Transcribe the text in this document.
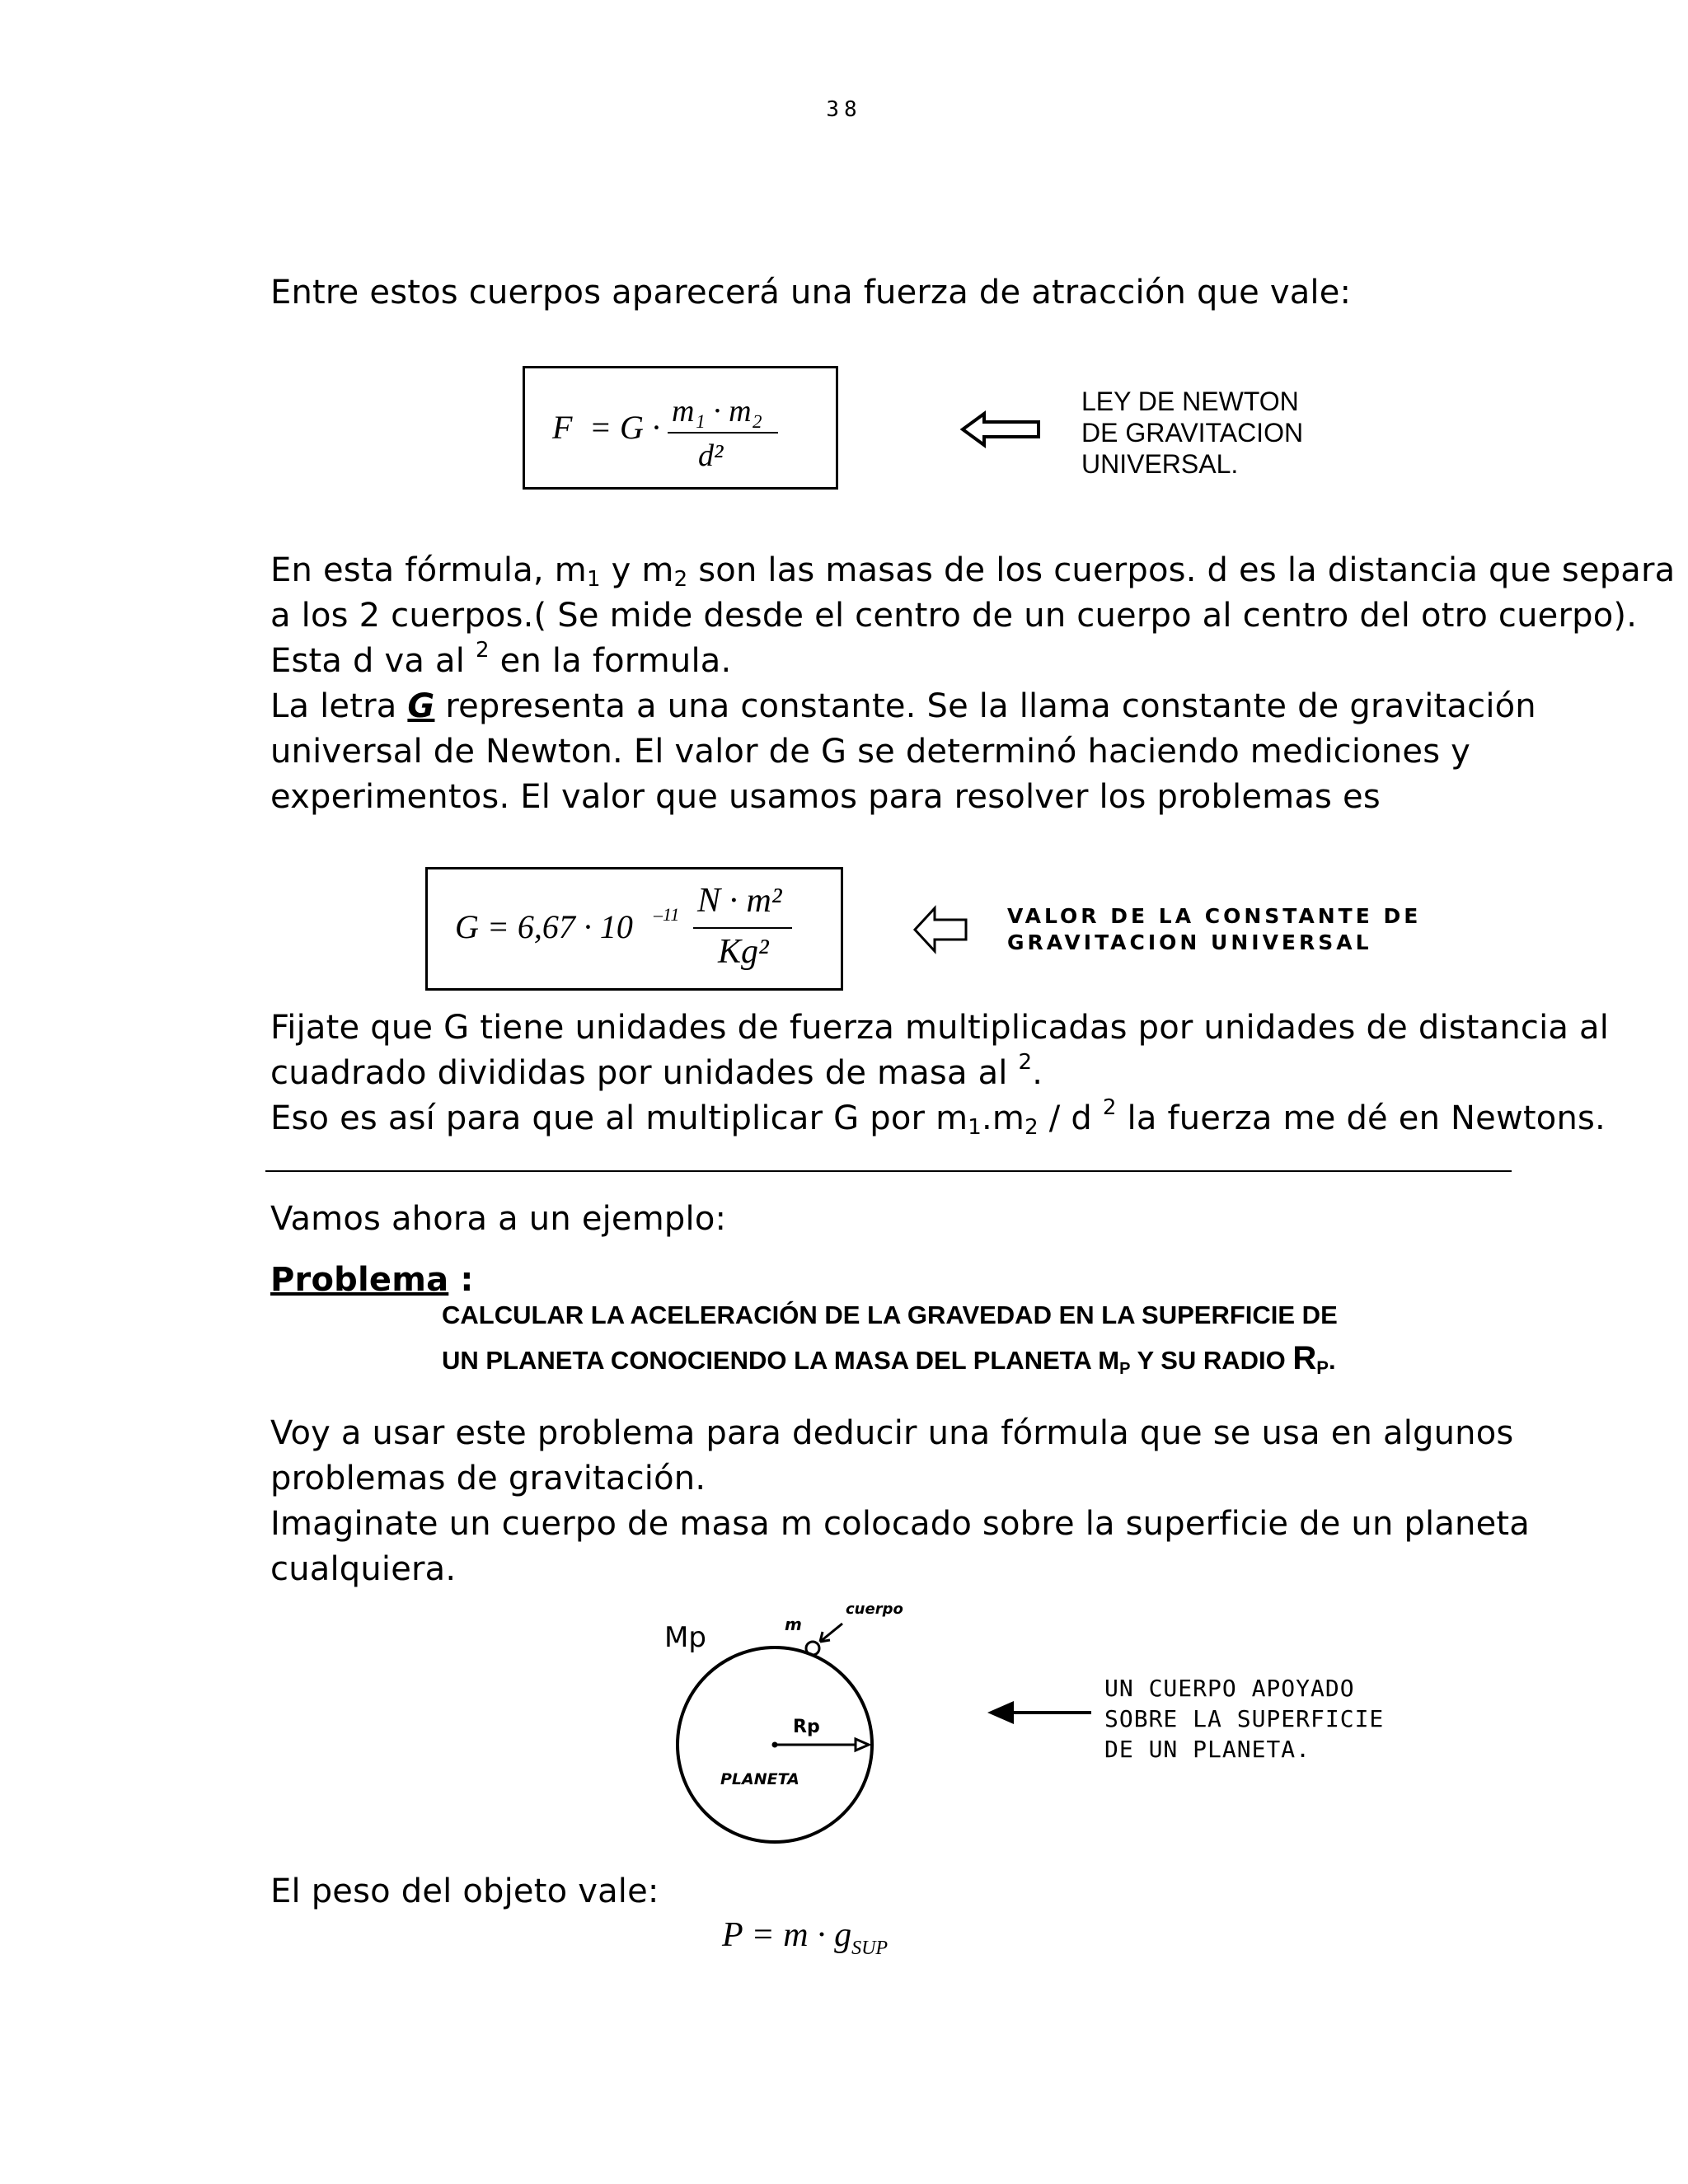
38
Entre estos cuerpos aparecerá una fuerza de atracción que vale:
F = G · m₁ · m₂
d²
LEY DE NEWTON
DE GRAVITACION
UNIVERSAL.
En esta fórmula, $m_1$ y $m_2$ son las masas de los cuerpos. d es la distancia que separa
a los 2 cuerpos.( Se mide desde el centro de un cuerpo al centro del otro cuerpo).
Esta d va al $^2$ en la formula.
La letra G representa a una constante. Se la llama constante de gravitación
universal de Newton. El valor de G se determinó haciendo mediciones y
experimentos. El valor que usamos para resolver los problemas es
G = 6,67 · 10 –11 N · m²
Kg²
VALOR DE LA CONSTANTE DE
GRAVITACION UNIVERSAL
Fijate que G tiene unidades de fuerza multiplicadas por unidades de distancia al
cuadrado divididas por unidades de masa al $^2$.
Eso es así para que al multiplicar G por $m_1.m_2$ / d $^2$ la fuerza me dé en Newtons.
Vamos ahora a un ejemplo:
Problema :
CALCULAR LA ACELERACIÓN DE LA GRAVEDAD EN LA SUPERFICIE DE
UN PLANETA CONOCIENDO LA MASA DEL PLANETA $M_P$ Y SU RADIO $R_P$.
Voy a usar este problema para deducir una fórmula que se usa en algunos
problemas de gravitación.
Imaginate un cuerpo de masa m colocado sobre la superficie de un planeta
cualquiera.
Mp	m
cuerpo
Rp
PLANETA
UN CUERPO APOYADO
SOBRE LA SUPERFICIE
DE UN PLANETA.
El peso del objeto vale:
$P = m \cdot g_{SUP}$
